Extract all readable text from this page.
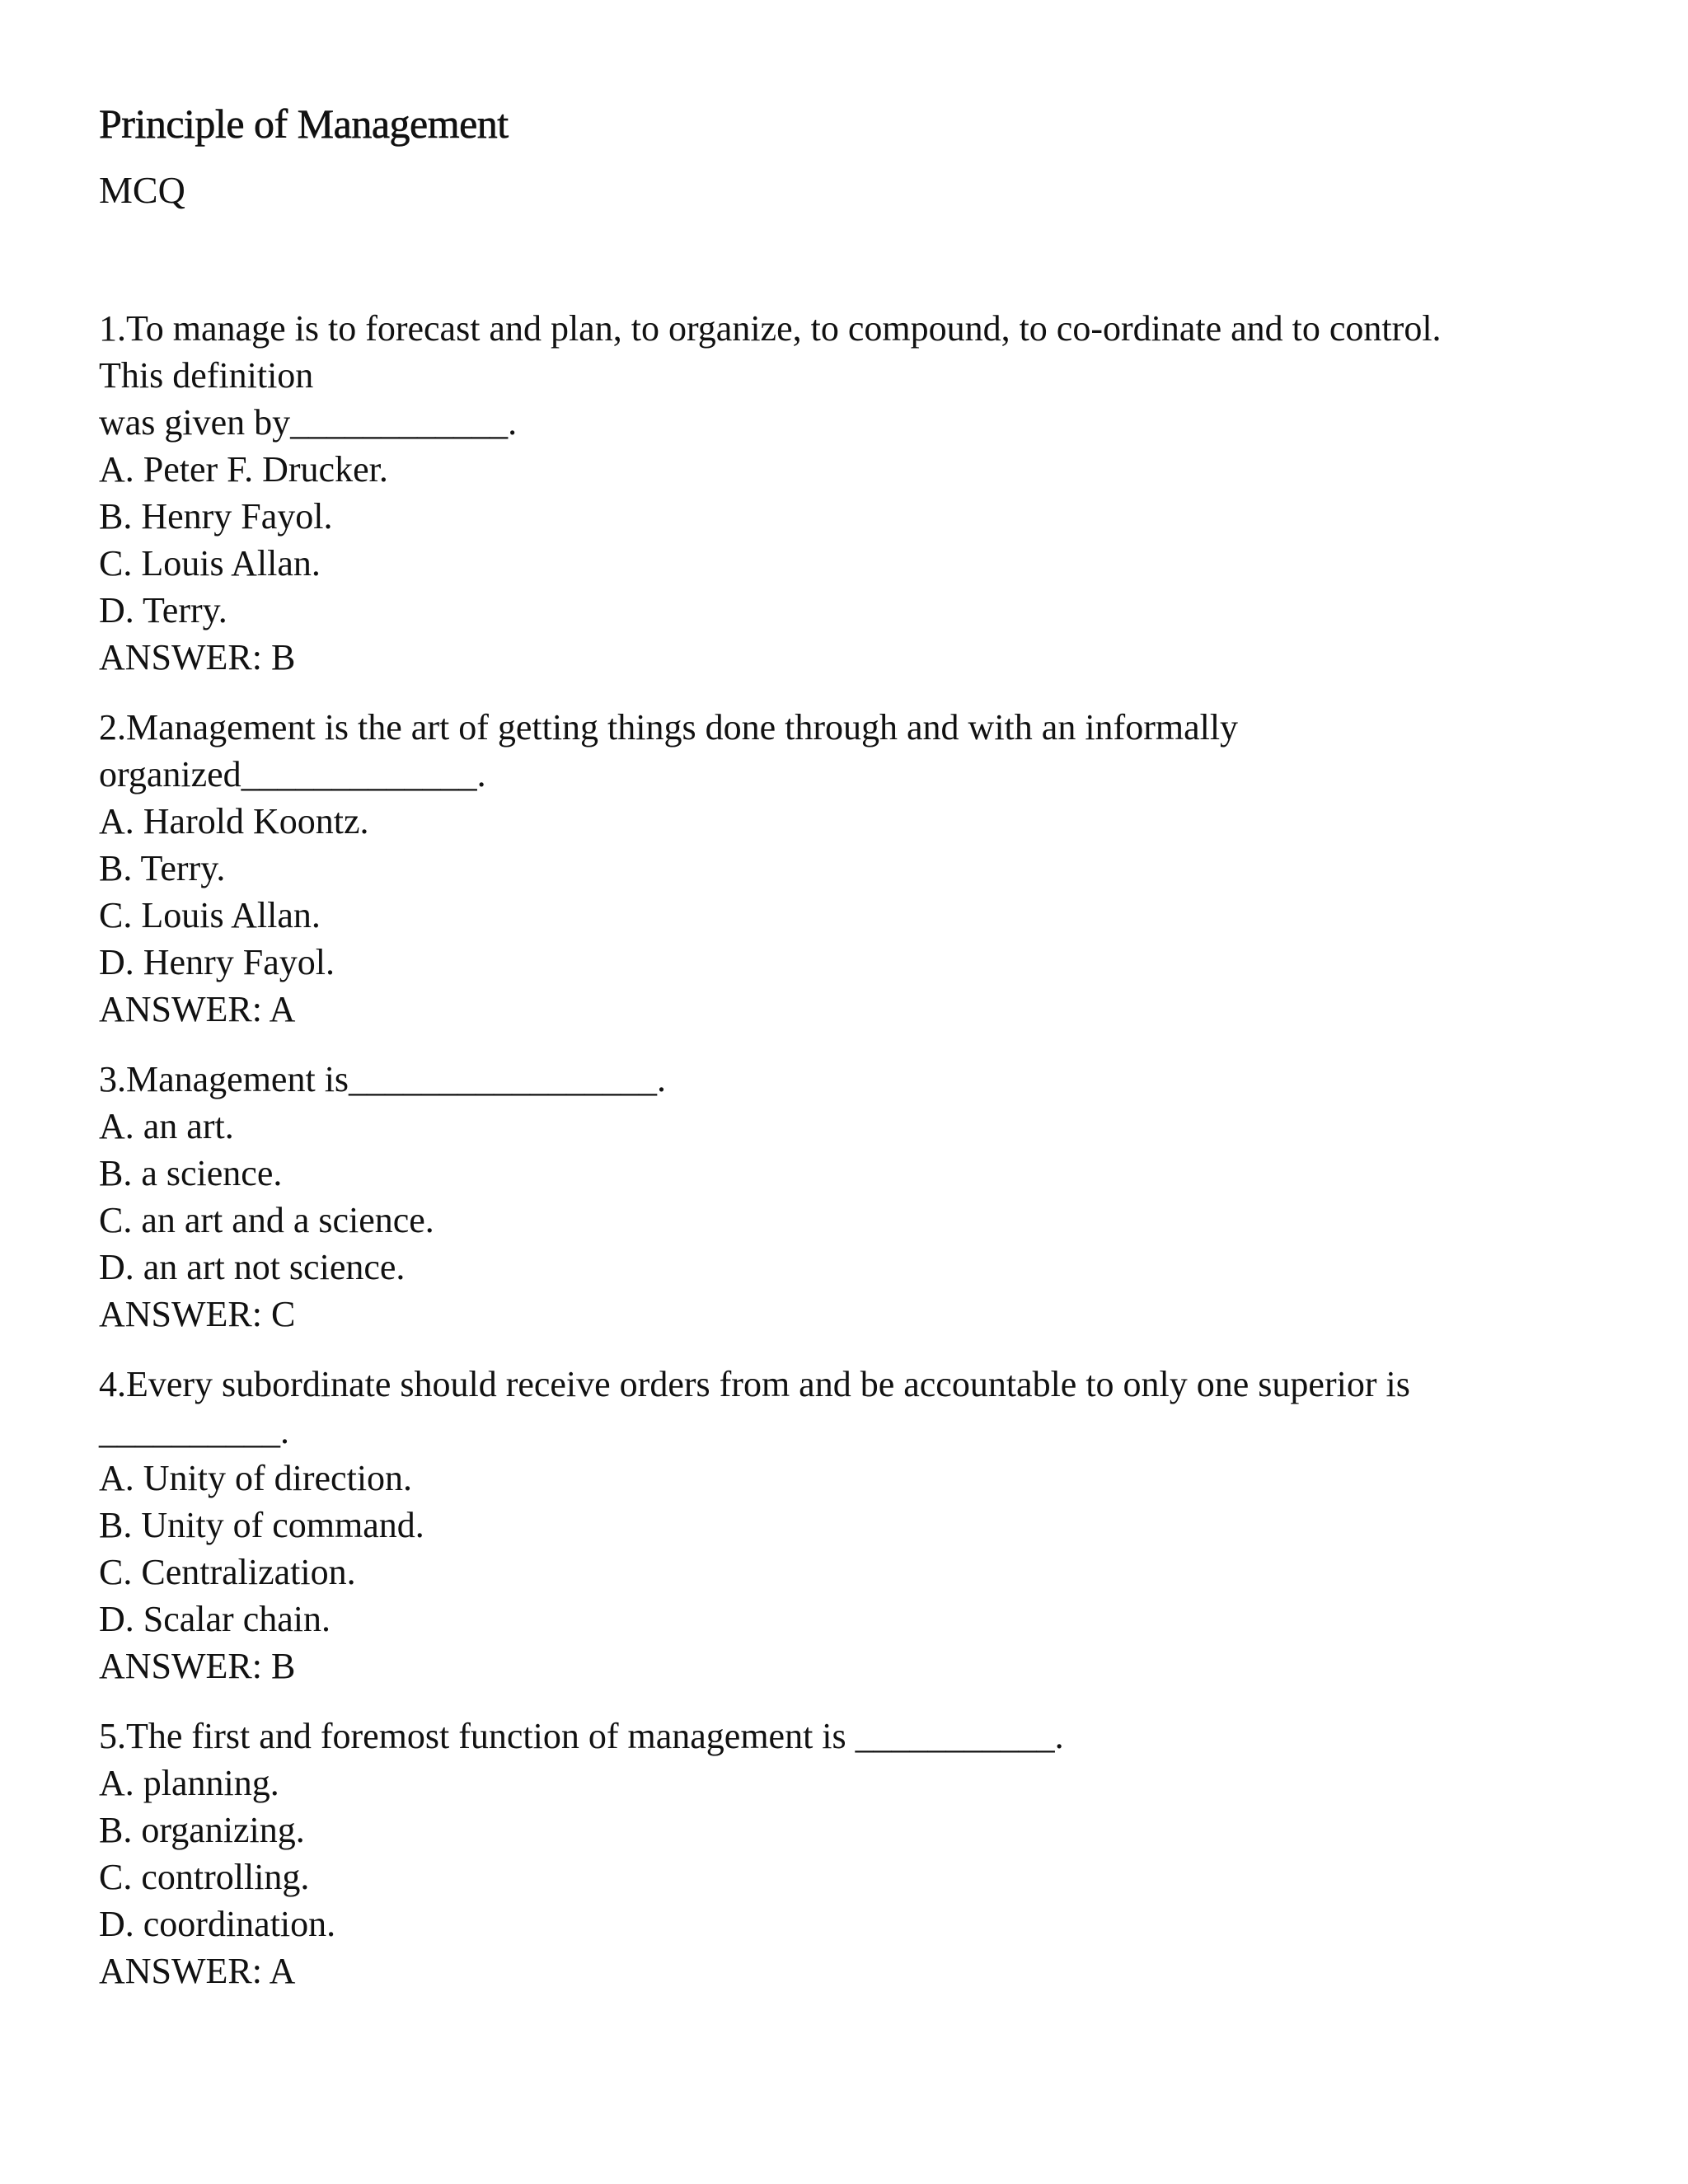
Principle of Management
MCQ

1.To manage is to forecast and plan, to organize, to compound, to co-ordinate and to control.

This definition

was given by____________.

A. Peter F. Drucker.

B. Henry Fayol.

C. Louis Allan.

D. Terry.

ANSWER: B

2.Management is the art of getting things done through and with an informally

organized_____________.

A. Harold Koontz.

B. Terry.

C. Louis Allan.

D. Henry Fayol.

ANSWER: A

3.Management is_________________.

A. an art.

B. a science.

C. an art and a science.

D. an art not science.

ANSWER: C

4.Every subordinate should receive orders from and be accountable to only one superior is

__________.

A. Unity of direction.

B. Unity of command.

C. Centralization.

D. Scalar chain.

ANSWER: B

5.The first and foremost function of management is ___________.

A. planning.

B. organizing.

C. controlling.

D. coordination.

ANSWER: A
